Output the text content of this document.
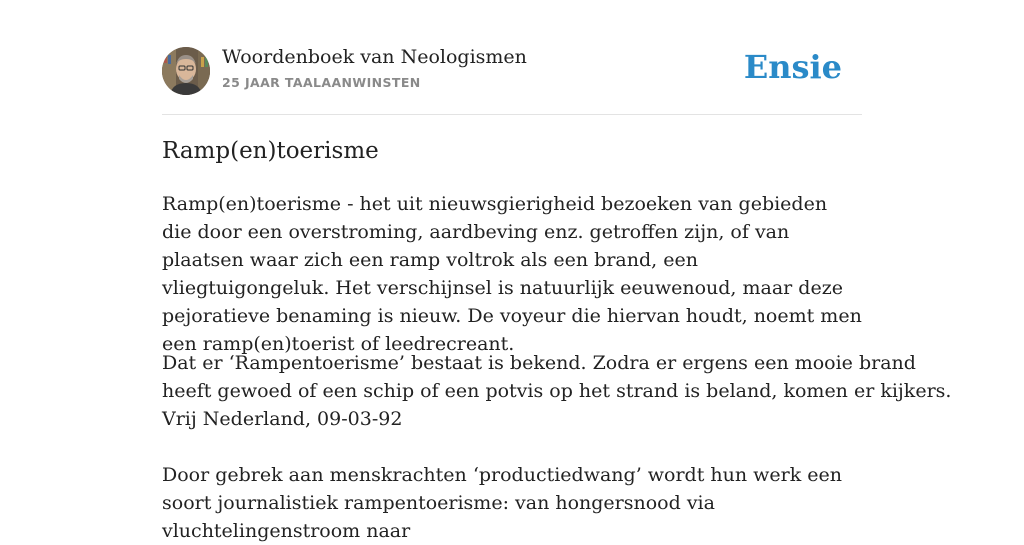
Woordenboek van Neologismen
25 JAAR TAALAANWINSTEN	Ensie
Ramp(en)toerisme

Ramp(en)toerisme - het uit nieuwsgierigheid bezoeken van gebieden die door een overstroming, aardbeving enz. getroffen zijn, of van plaatsen waar zich een ramp voltrok als een brand, een vliegtuigongeluk. Het verschijnsel is natuurlijk eeuwenoud, maar deze pejoratieve benaming is nieuw. De voyeur die hiervan houdt, noemt men een ramp(en)toerist of leedrecreant.

Dat er ‘Rampentoerisme’ bestaat is bekend. Zodra er ergens een mooie brand
heeft gewoed of een schip of een potvis op het strand is beland, komen er kijkers.
Vrij Nederland, 09-03-92

Door gebrek aan menskrachten ‘productiedwang’ wordt hun werk een soort journalistiek rampentoerisme: van hongersnood via vluchtelingenstroom naar
